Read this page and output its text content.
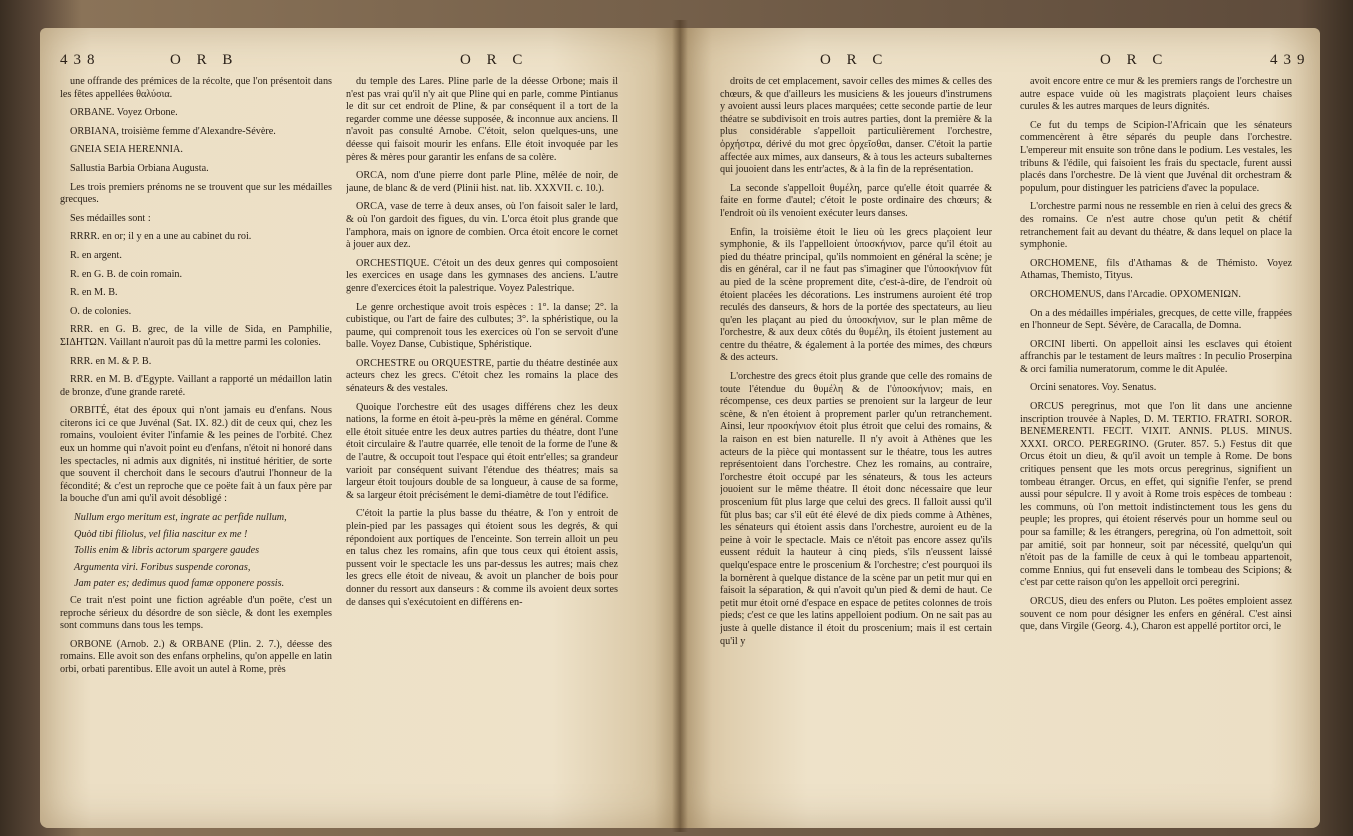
438	O R B	O R C

une offrande des prémices de la récolte, que l'on présentoit dans les fêtes appellées θαλύσια.

ORBANE. Voyez Orbone.

ORBIANA, troisième femme d'Alexandre-Sévère.

GNEIA SEIA HERENNIA.

Sallustia Barbia Orbiana Augusta.

Les trois premiers prénoms ne se trouvent que sur les médailles grecques.

Ses médailles sont :

RRRR. en or; il y en a une au cabinet du roi.

R. en argent.

R. en G. B. de coin romain.

R. en M. B.

O. de colonies.

RRR. en G. B. grec, de la ville de Sida, en Pamphilie, ΣΙΔΗΤΩΝ. Vaillant n'auroit pas dû la mettre parmi les colonies.

RRR. en M. & P. B.

RRR. en M. B. d'Egypte. Vaillant a rapporté un médaillon latin de bronze, d'une grande rareté.

ORBITÉ, état des époux qui n'ont jamais eu d'enfans. Nous citerons ici ce que Juvénal (Sat. IX. 82.) dit de ceux qui, chez les romains, vouloient éviter l'infamie & les peines de l'orbité. Chez eux un homme qui n'avoit point eu d'enfans, n'étoit ni honoré dans les spectacles, ni admis aux dignités, ni institué héritier, de sorte que souvent il cherchoit dans le secours d'autrui l'honneur de la fécondité; & c'est un reproche que ce poëte fait à un faux père par la bouche d'un ami qu'il avoit désobligé :

Nullum ergo meritum est, ingrate ac perfide nullum,

Quòd tibi filiolus, vel filia nascitur ex me !

Tollis enim & libris actorum spargere gaudes

Argumenta viri. Foribus suspende coronas,

Jam pater es; dedimus quod famæ opponere possis.

Ce trait n'est point une fiction agréable d'un poëte, c'est un reproche sérieux du désordre de son siècle, & dont les exemples sont communs dans tous les temps.

ORBONE (Arnob. 2.) & ORBANE (Plin. 2. 7.), déesse des romains. Elle avoit son des enfans orphelins, qu'on appelle en latin orbi, orbati parentibus. Elle avoit un autel à Rome, près

du temple des Lares. Pline parle de la déesse Orbone; mais il n'est pas vrai qu'il n'y ait que Pline qui en parle, comme Pintianus le dit sur cet endroit de Pline, & par conséquent il a tort de la regarder comme une déesse supposée, & inconnue aux anciens. Il n'avoit pas consulté Arnobe. C'étoit, selon quelques-uns, une déesse qui faisoit mourir les enfans. Elle étoit invoquée par les pères & mères pour garantir les enfans de sa colère.

ORCA, nom d'une pierre dont parle Pline, mêlée de noir, de jaune, de blanc & de verd (Plinii hist. nat. lib. XXXVII. c. 10.).

ORCA, vase de terre à deux anses, où l'on faisoit saler le lard, & où l'on gardoit des figues, du vin. L'orca étoit plus grande que l'amphora, mais on ignore de combien. Orca étoit encore le cornet à jouer aux dez.

ORCHESTIQUE. C'étoit un des deux genres qui composoient les exercices en usage dans les gymnases des anciens. L'autre genre d'exercices étoit la palestrique. Voyez Palestrique.

Le genre orchestique avoit trois espèces : 1°. la danse; 2°. la cubistique, ou l'art de faire des culbutes; 3°. la sphéristique, ou la paume, qui comprenoit tous les exercices où l'on se servoit d'une balle. Voyez Danse, Cubistique, Sphéristique.

ORCHESTRE ou ORQUESTRE, partie du théatre destinée aux acteurs chez les grecs. C'étoit chez les romains la place des sénateurs & des vestales.

Quoique l'orchestre eût des usages différens chez les deux nations, la forme en étoit à-peu-près la même en général. Comme elle étoit située entre les deux autres parties du théatre, dont l'une étoit circulaire & l'autre quarrée, elle tenoit de la forme de l'une & de l'autre, & occupoit tout l'espace qui étoit entr'elles; sa grandeur varioit par conséquent suivant l'étendue des théatres; mais sa largeur étoit toujours double de sa longueur, à cause de sa forme, & sa largeur étoit précisément le demi-diamètre de tout l'édifice.

C'étoit la partie la plus basse du théatre, & l'on y entroit de plein-pied par les passages qui étoient sous les degrés, & qui répondoient aux portiques de l'enceinte. Son terrein alloit un peu en talus chez les romains, afin que tous ceux qui étoient assis, pussent voir le spectacle les uns par-dessus les autres; mais chez les grecs elle étoit de niveau, & avoit un plancher de bois pour donner du ressort aux danseurs : & comme ils avoient deux sortes de danses qui s'exécutoient en différens en-

O R C	O R C	439

droits de cet emplacement, savoir celles des mimes & celles des chœurs, & que d'ailleurs les musiciens & les joueurs d'instrumens y avoient aussi leurs places marquées; cette seconde partie de leur théatre se subdivisoit en trois autres parties, dont la première & la plus considérable s'appelloit particulièrement l'orchestre, ὀρχήστρα, dérivé du mot grec ὀρχεῖσθαι, danser. C'étoit la partie affectée aux mimes, aux danseurs, & à tous les acteurs subalternes qui jouoient dans les entr'actes, & à la fin de la représentation.

La seconde s'appelloit θυμέλη, parce qu'elle étoit quarrée & faite en forme d'autel; c'étoit le poste ordinaire des chœurs; & l'endroit où ils venoient exécuter leurs danses.

Enfin, la troisième étoit le lieu où les grecs plaçoient leur symphonie, & ils l'appelloient ὑποσκήνιον, parce qu'il étoit au pied du théatre principal, qu'ils nommoient en général la scène; je dis en général, car il ne faut pas s'imaginer que l'ὑποσκήνιον fût au pied de la scène proprement dite, c'est-à-dire, de l'endroit où étoient placées les décorations. Les instrumens auroient été trop reculés des danseurs, & hors de la portée des spectateurs, au lieu qu'en les plaçant au pied du ὑποσκήνιον, sur le plan même de l'orchestre, & aux deux côtés du θυμέλη, ils étoient justement au centre du théatre, & également à la portée des mimes, des chœurs & des acteurs.

L'orchestre des grecs étoit plus grande que celle des romains de toute l'étendue du θυμέλη & de l'ὑποσκήνιον; mais, en récompense, ces deux parties se prenoient sur la largeur de leur scène, & n'en étoient à proprement parler qu'un retranchement. Ainsi, leur προσκήνιον étoit plus étroit que celui des romains, & la raison en est bien naturelle. Il n'y avoit à Athènes que les acteurs de la pièce qui montassent sur le théatre, tous les autres représentoient dans l'orchestre. Chez les romains, au contraire, l'orchestre étoit occupé par les sénateurs, & tous les acteurs jouoient sur le même théatre. Il étoit donc nécessaire que leur proscenium fût plus large que celui des grecs. Il falloit aussi qu'il fût plus bas; car s'il eût été élevé de dix pieds comme à Athènes, les sénateurs qui étoient assis dans l'orchestre, auroient eu de la peine à voir le spectacle. Mais ce n'étoit pas encore assez qu'ils eussent réduit la hauteur à cinq pieds, s'ils n'eussent laissé quelqu'espace entre le proscenium & l'orchestre; c'est pourquoi ils la bornèrent à quelque distance de la scène par un petit mur qui en faisoit la séparation, & qui n'avoit qu'un pied & demi de haut. Ce petit mur étoit orné d'espace en espace de petites colonnes de trois pieds; c'est ce que les latins appelloient podium. On ne sait pas au juste à quelle distance il étoit du proscenium; mais il est certain qu'il y

avoit encore entre ce mur & les premiers rangs de l'orchestre un autre espace vuide où les magistrats plaçoient leurs chaises curules & les autres marques de leurs dignités.

Ce fut du temps de Scipion-l'Africain que les sénateurs commencèrent à être séparés du peuple dans l'orchestre. L'empereur mit ensuite son trône dans le podium. Les vestales, les tribuns & l'édile, qui faisoient les frais du spectacle, furent aussi placés dans l'orchestre. De là vient que Juvénal dit orchestram & populum, pour distinguer les patriciens d'avec la populace.

L'orchestre parmi nous ne ressemble en rien à celui des grecs & des romains. Ce n'est autre chose qu'un petit & chétif retranchement fait au devant du théatre, & dans lequel on place la symphonie.

ORCHOMENE, fils d'Athamas & de Thémisto. Voyez Athamas, Themisto, Tityus.

ORCHOMENUS, dans l'Arcadie. ΟΡΧΟΜΕΝΙΩΝ.

On a des médailles impériales, grecques, de cette ville, frappées en l'honneur de Sept. Sévère, de Caracalla, de Domna.

ORCINI liberti. On appelloit ainsi les esclaves qui étoient affranchis par le testament de leurs maîtres : In peculio Proserpina & orci familia numeratorum, comme le dit Apulée.

Orcini senatores. Voy. Senatus.

ORCUS peregrinus, mot que l'on lit dans une ancienne inscription trouvée à Naples, D. M. TERTIO. FRATRI. SOROR. BENEMERENTI. FECIT. VIXIT. ANNIS. PLUS. MINUS. XXXI. ORCO. PEREGRINO. (Gruter. 857. 5.) Festus dit que Orcus étoit un dieu, & qu'il avoit un temple à Rome. De bons critiques pensent que les mots orcus peregrinus, signifient un tombeau étranger. Orcus, en effet, qui signifie l'enfer, se prend aussi pour sépulcre. Il y avoit à Rome trois espèces de tombeau : les communs, où l'on mettoit indistinctement tous les gens du peuple; les propres, qui étoient réservés pour un homme seul ou pour sa famille; & les étrangers, peregrina, où l'on admettoit, soit par amitié, soit par honneur, soit par nécessité, quelqu'un qui n'étoit pas de la famille de ceux à qui le tombeau appartenoit, comme Ennius, qui fut enseveli dans le tombeau des Scipions; & c'est par cette raison qu'on les appelloit orci peregrini.

ORCUS, dieu des enfers ou Pluton. Les poëtes emploient assez souvent ce nom pour désigner les enfers en général. C'est ainsi que, dans Virgile (Georg. 4.), Charon est appellé portitor orci, le
